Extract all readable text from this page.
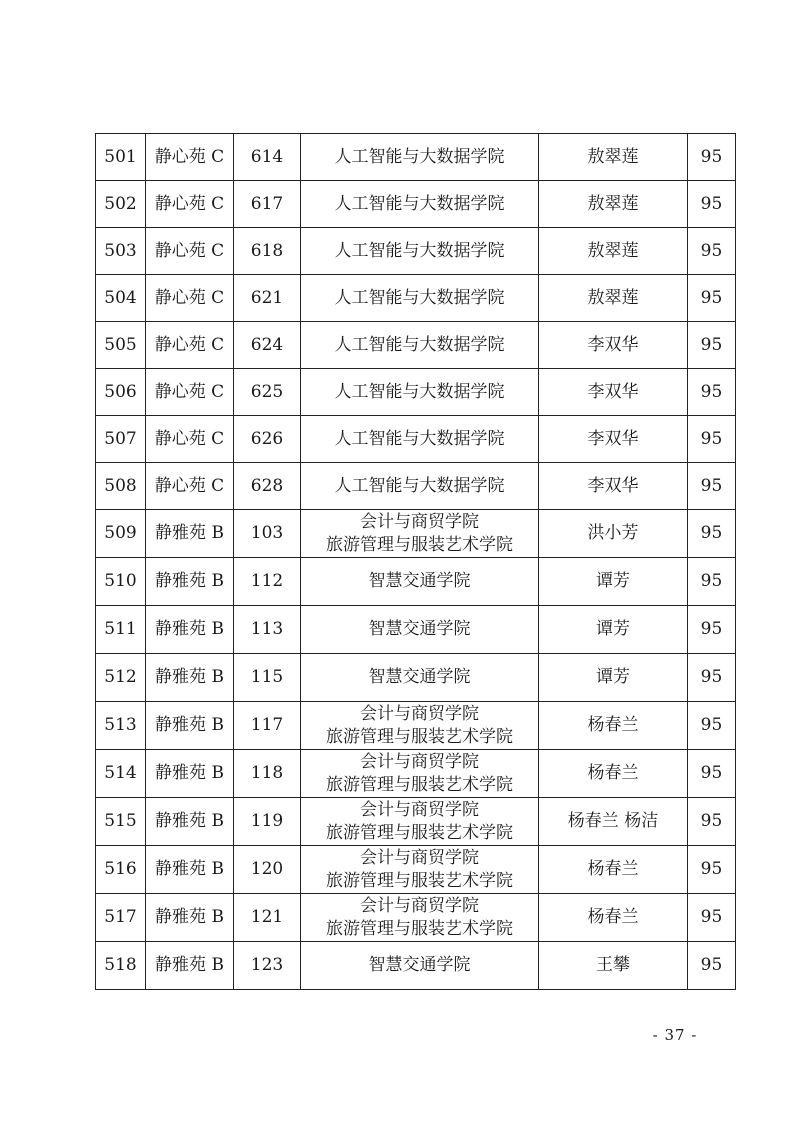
501	静心苑 C	614	人工智能与大数据学院	敖翠莲	95
502	静心苑 C	617	人工智能与大数据学院	敖翠莲	95
503	静心苑 C	618	人工智能与大数据学院	敖翠莲	95
504	静心苑 C	621	人工智能与大数据学院	敖翠莲	95
505	静心苑 C	624	人工智能与大数据学院	李双华	95
506	静心苑 C	625	人工智能与大数据学院	李双华	95
507	静心苑 C	626	人工智能与大数据学院	李双华	95
508	静心苑 C	628	人工智能与大数据学院	李双华	95
509	静雅苑 B	103	会计与商贸学院
旅游管理与服装艺术学院	洪小芳	95
510	静雅苑 B	112	智慧交通学院	谭芳	95
511	静雅苑 B	113	智慧交通学院	谭芳	95
512	静雅苑 B	115	智慧交通学院	谭芳	95
513	静雅苑 B	117	会计与商贸学院
旅游管理与服装艺术学院	杨春兰	95
514	静雅苑 B	118	会计与商贸学院
旅游管理与服装艺术学院	杨春兰	95
515	静雅苑 B	119	会计与商贸学院
旅游管理与服装艺术学院	杨春兰 杨洁	95
516	静雅苑 B	120	会计与商贸学院
旅游管理与服装艺术学院	杨春兰	95
517	静雅苑 B	121	会计与商贸学院
旅游管理与服装艺术学院	杨春兰	95
518	静雅苑 B	123	智慧交通学院	王攀	95
- 37 -
